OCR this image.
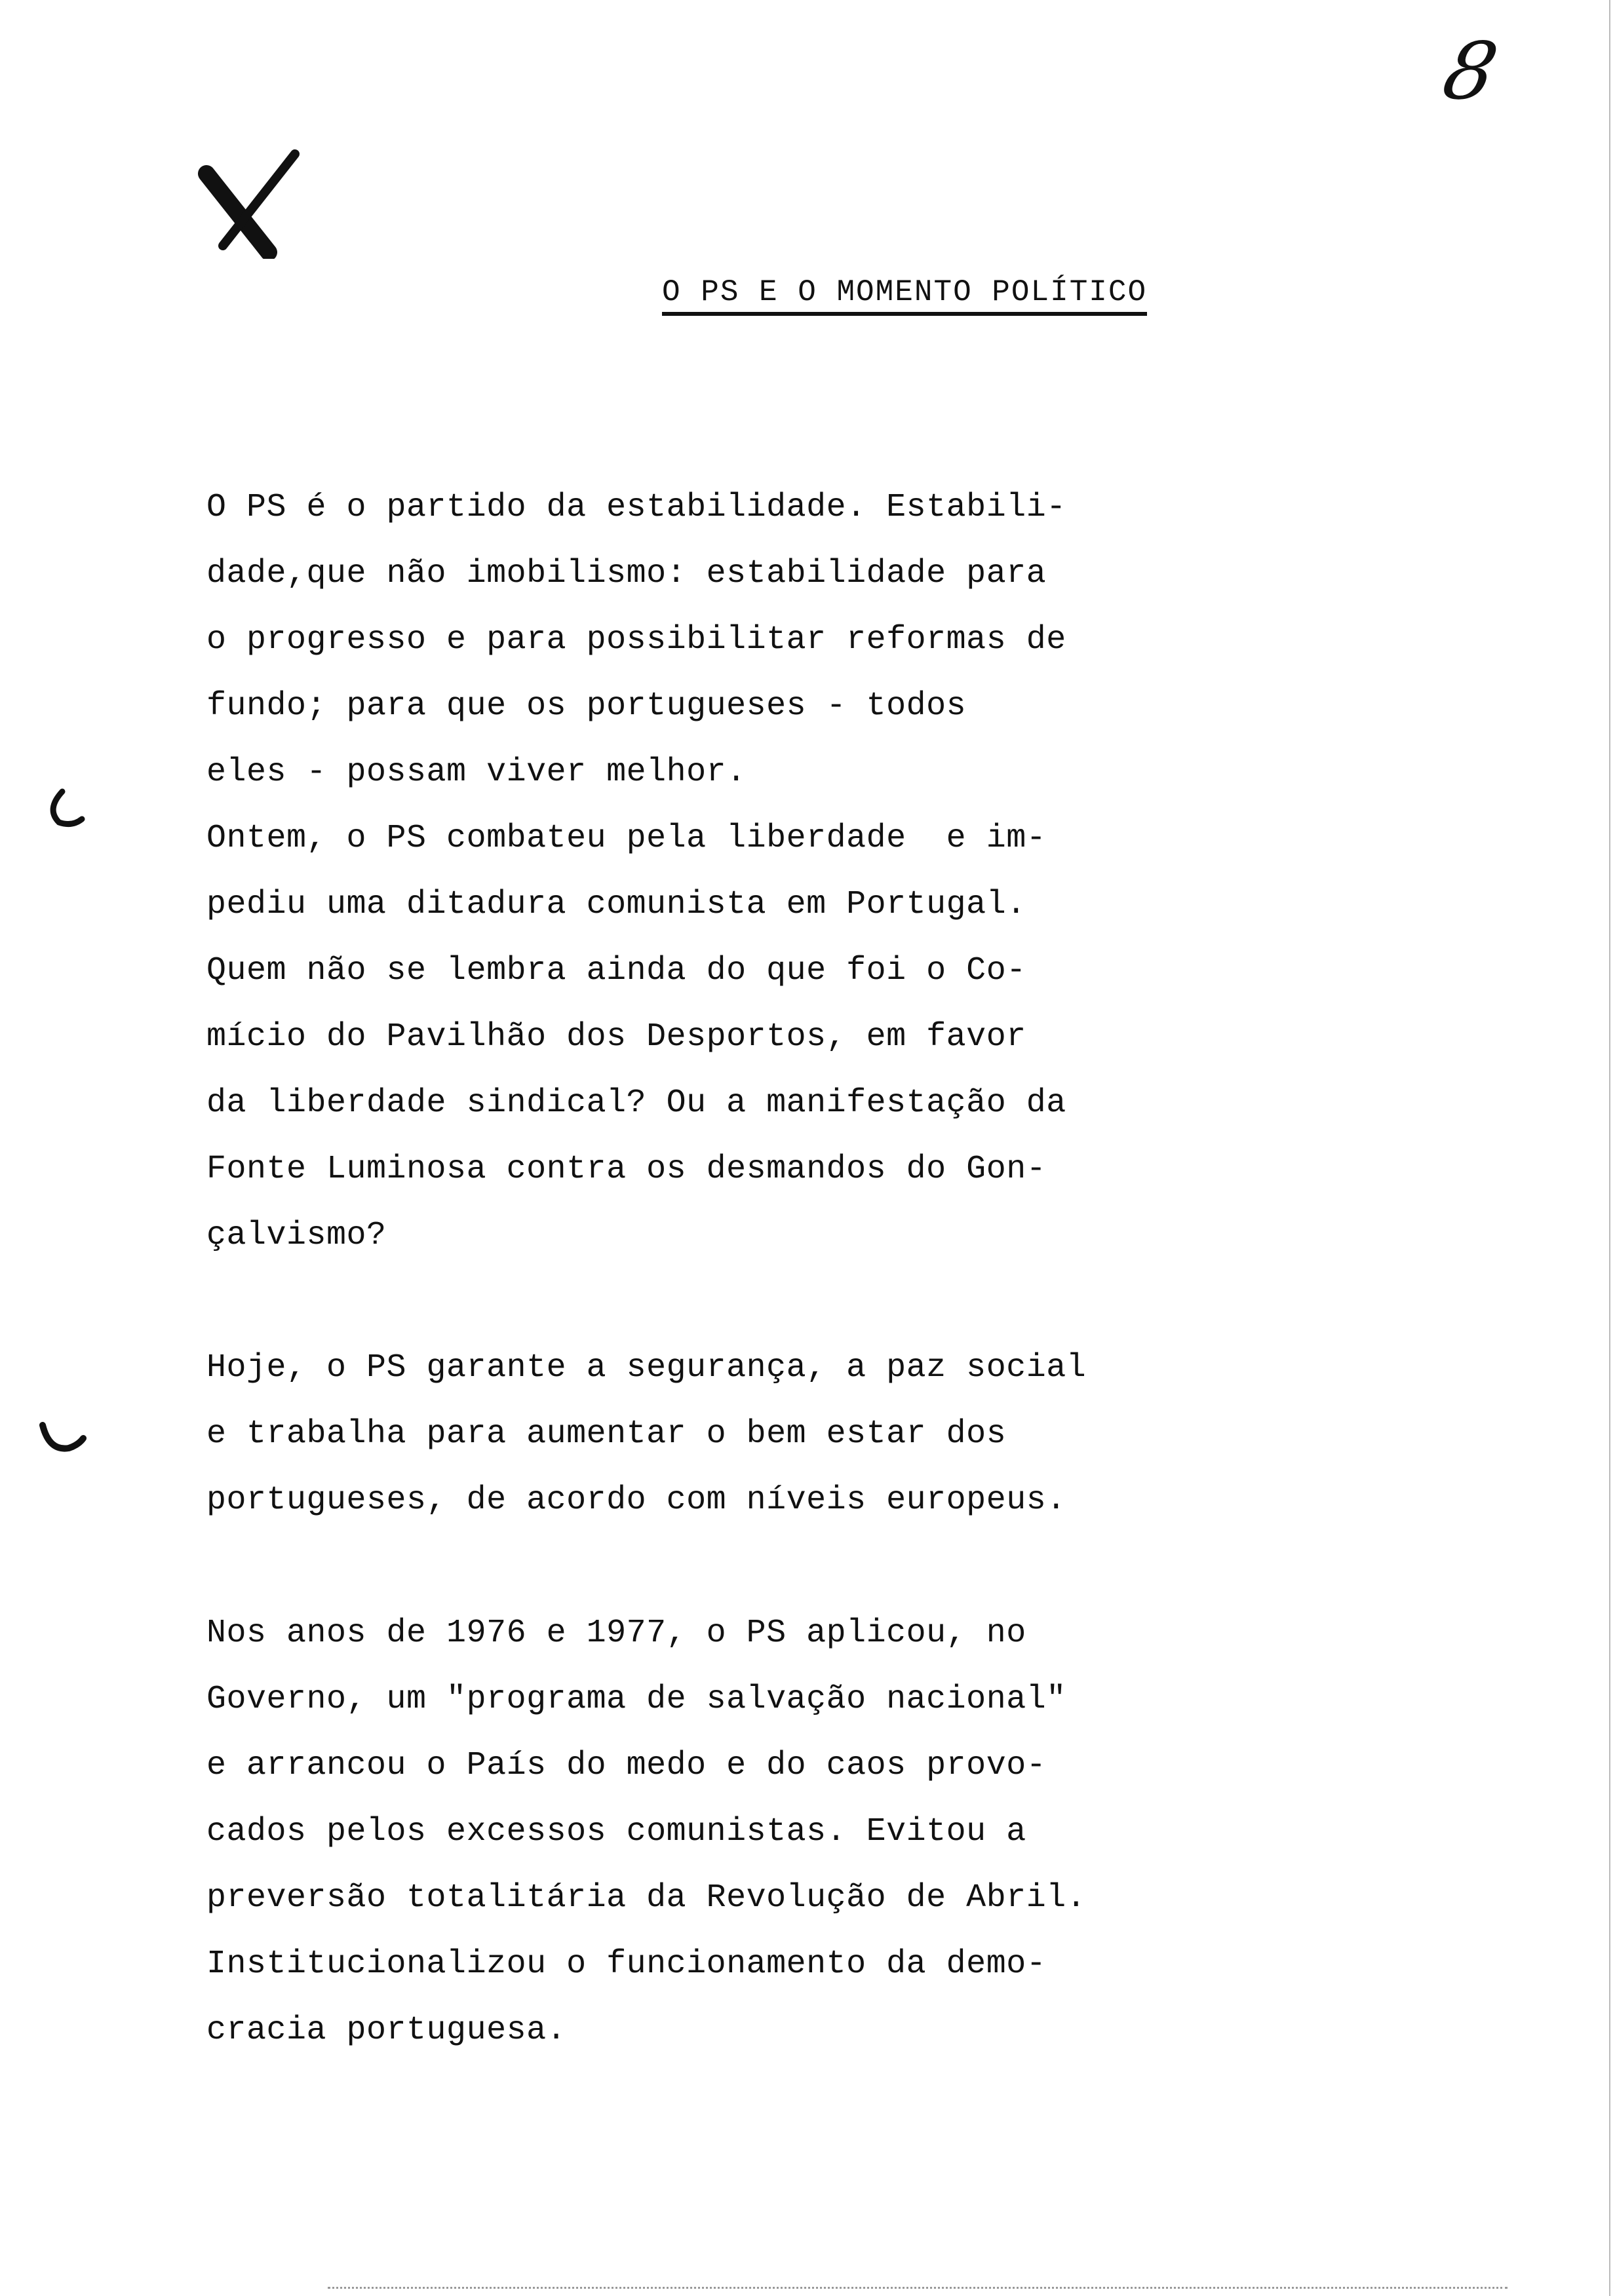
8
O PS E O MOMENTO POLÍTICO
O PS é o partido da estabilidade. Estabili-
dade,que não imobilismo: estabilidade para
o progresso e para possibilitar reformas de
fundo; para que os portugueses - todos
eles - possam viver melhor.
Ontem, o PS combateu pela liberdade  e im-
pediu uma ditadura comunista em Portugal.
Quem não se lembra ainda do que foi o Co-
mício do Pavilhão dos Desportos, em favor
da liberdade sindical? Ou a manifestação da
Fonte Luminosa contra os desmandos do Gon-
çalvismo?
Hoje, o PS garante a segurança, a paz social
e trabalha para aumentar o bem estar dos
portugueses, de acordo com níveis europeus.
Nos anos de 1976 e 1977, o PS aplicou, no
Governo, um "programa de salvação nacional"
e arrancou o País do medo e do caos provo-
cados pelos excessos comunistas. Evitou a
preversão totalitária da Revolução de Abril.
Institucionalizou o funcionamento da demo-
cracia portuguesa.
